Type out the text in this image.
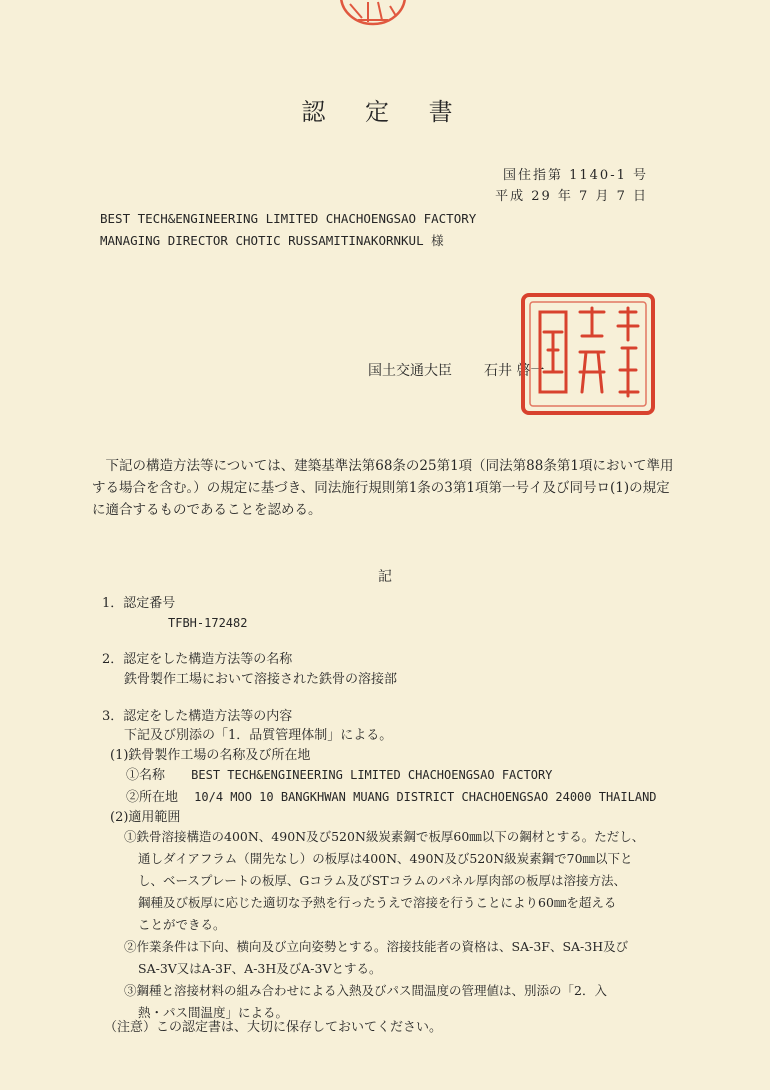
認 定 書
国住指第 1140-1 号
平成 29 年 7 月 7 日
BEST TECH&ENGINEERING LIMITED CHACHOENGSAO FACTORY
MANAGING DIRECTOR CHOTIC RUSSAMITINAKORNKUL 様
国土交通大臣 石井 啓一
下記の構造方法等については、建築基準法第68条の25第1項（同法第88条第1項において準用する場合を含む。）の規定に基づき、同法施行規則第1条の3第1項第一号イ及び同号ロ(1)の規定に適合するものであることを認める。
記
1．認定番号
TFBH-172482
2．認定をした構造方法等の名称
鉄骨製作工場において溶接された鉄骨の溶接部
3．認定をした構造方法等の内容
下記及び別添の「1．品質管理体制」による。
(1)鉄骨製作工場の名称及び所在地
①名称 BEST TECH&ENGINEERING LIMITED CHACHOENGSAO FACTORY
②所在地 10/4 MOO 10 BANGKHWAN MUANG DISTRICT CHACHOENGSAO 24000 THAILAND
(2)適用範囲
①鉄骨溶接構造の400N、490N及び520N級炭素鋼で板厚60㎜以下の鋼材とする。ただし、
通しダイアフラム（開先なし）の板厚は400N、490N及び520N級炭素鋼で70㎜以下と
し、ベースプレートの板厚、Gコラム及びSTコラムのパネル厚肉部の板厚は溶接方法、
鋼種及び板厚に応じた適切な予熱を行ったうえで溶接を行うことにより60㎜を超える
ことができる。
②作業条件は下向、横向及び立向姿勢とする。溶接技能者の資格は、SA-3F、SA-3H及び
SA-3V又はA-3F、A-3H及びA-3Vとする。
③鋼種と溶接材料の組み合わせによる入熱及びパス間温度の管理値は、別添の「2．入
熱・パス間温度」による。
（注意）この認定書は、大切に保存しておいてください。
